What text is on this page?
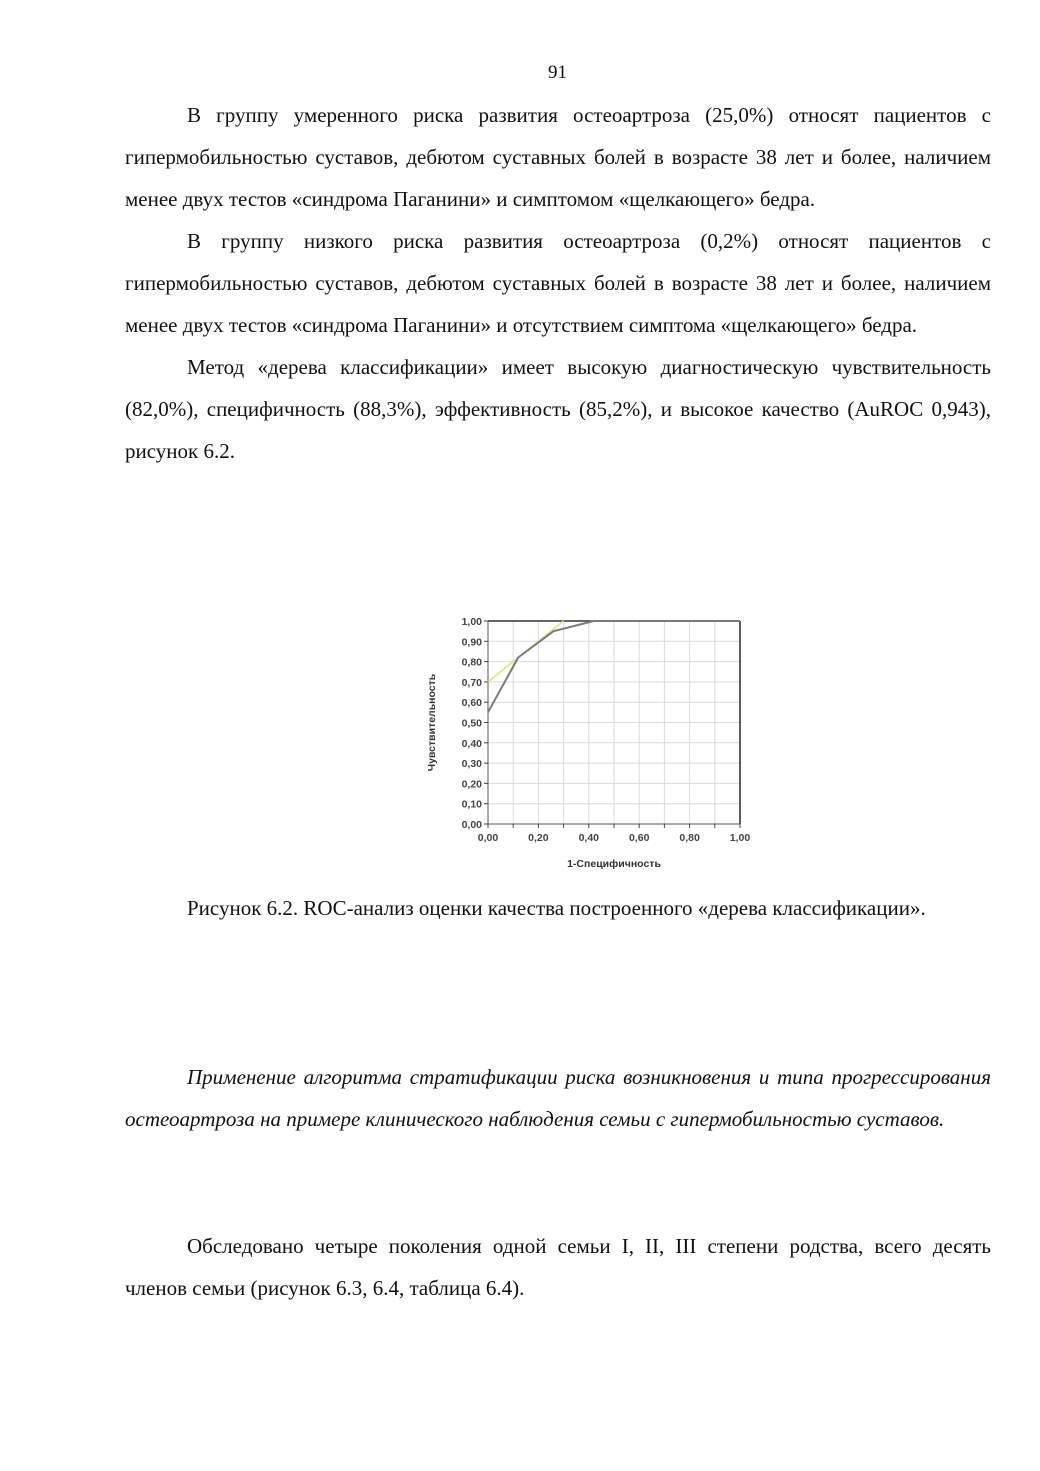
91

В группу умеренного риска развития остеоартроза (25,0%) относят пациентов с гипермобильностью суставов, дебютом суставных болей в возрасте 38 лет и более, наличием менее двух тестов «синдрома Паганини» и симптомом «щелкающего» бедра.

В группу низкого риска развития остеоартроза (0,2%) относят пациентов с гипермобильностью суставов, дебютом суставных болей в возрасте 38 лет и более, наличием менее двух тестов «синдрома Паганини» и отсутствием симптома «щелкающего» бедра.

Метод «дерева классификации» имеет высокую диагностическую чувствительность (82,0%), специфичность (88,3%), эффективность (85,2%), и высокое качество (AuROC 0,943), рисунок 6.2.

0,00
0,10
0,20
0,30
0,40
0,50
0,60
0,70
0,80
0,90
1,00
0,00	0,20	0,40	0,60	0,80	1,00
1-Специфичность
Чувствительность

Рисунок 6.2. ROC-анализ оценки качества построенного «дерева классификации».

Применение алгоритма стратификации риска возникновения и типа прогрессирования остеоартроза на примере клинического наблюдения семьи с гипермобильностью суставов.

Обследовано четыре поколения одной семьи I, II, III степени родства, всего десять членов семьи (рисунок 6.3, 6.4, таблица 6.4).
